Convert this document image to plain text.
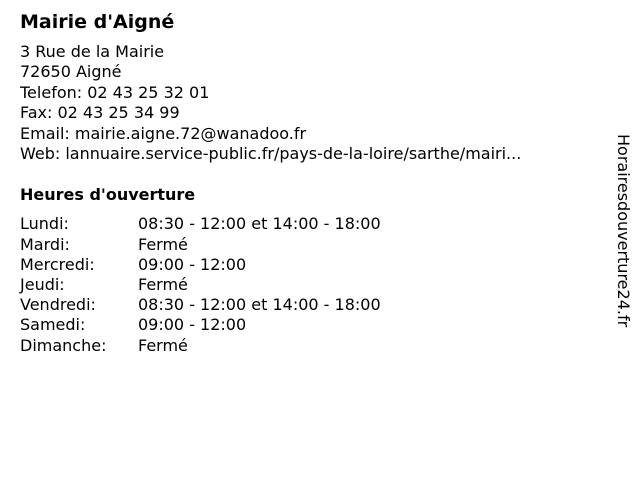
Mairie d'Aigné
3 Rue de la Mairie
72650 Aigné
Telefon: 02 43 25 32 01
Fax: 02 43 25 34 99
Email: mairie.aigne.72@wanadoo.fr
Web: lannuaire.service-public.fr/pays-de-la-loire/sarthe/mairi...
Heures d'ouverture
Lundi:	08:30 - 12:00 et 14:00 - 18:00
Mardi:	Fermé
Mercredi:	09:00 - 12:00
Jeudi:	Fermé
Vendredi:	08:30 - 12:00 et 14:00 - 18:00
Samedi:	09:00 - 12:00
Dimanche:	Fermé
Horairesdouverture24.fr
